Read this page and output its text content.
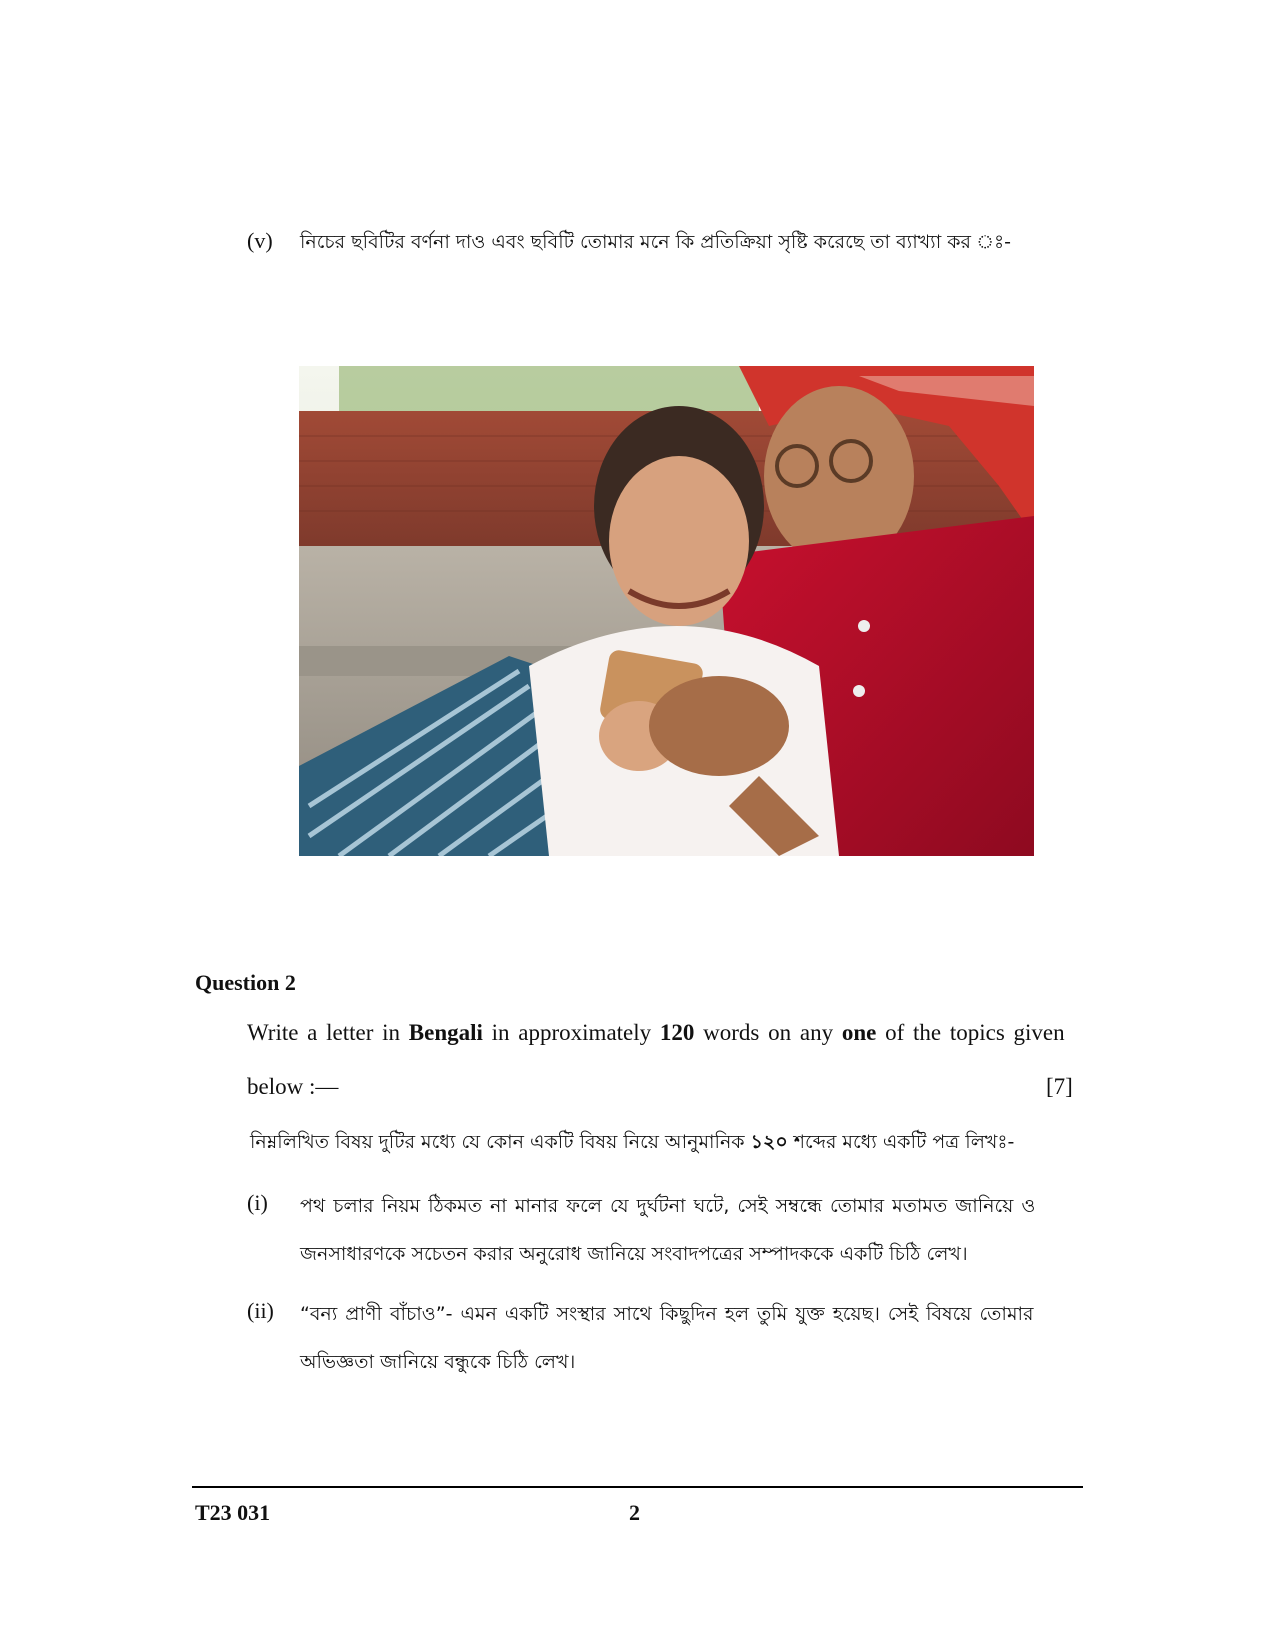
(v) নিচের ছবিটির বর্ণনা দাও এবং ছবিটি তোমার মনে কি প্রতিক্রিয়া সৃষ্টি করেছে তা ব্যাখ্যা কর ঃ-
Question 2
Write a letter in Bengali in approximately 120 words on any one of the topics given
below :—	[7]
নিম্নলিখিত বিষয় দুটির মধ্যে যে কোন একটি বিষয় নিয়ে আনুমানিক ১২০ শব্দের মধ্যে একটি পত্র লিখঃ-
(i) পথ চলার নিয়ম ঠিকমত না মানার ফলে যে দুর্ঘটনা ঘটে, সেই সম্বন্ধে তোমার মতামত জানিয়ে ও
জনসাধারণকে সচেতন করার অনুরোধ জানিয়ে সংবাদপত্রের সম্পাদককে একটি চিঠি লেখ।
(ii) “বন্য প্রাণী বাঁচাও”- এমন একটি সংস্থার সাথে কিছুদিন হল তুমি যুক্ত হয়েছ। সেই বিষয়ে তোমার
অভিজ্ঞতা জানিয়ে বন্ধুকে চিঠি লেখ।
T23 031	2
